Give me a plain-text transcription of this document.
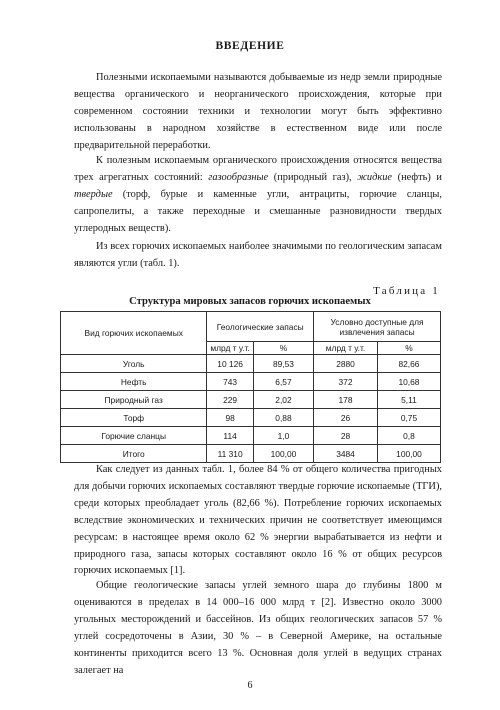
ВВЕДЕНИЕ

Полезными ископаемыми называются добываемые из недр земли природные вещества органического и неорганического происхождения, которые при современном состоянии техники и технологии могут быть эффективно использованы в народном хозяйстве в естественном виде или после предварительной переработки.

К полезным ископаемым органического происхождения относятся вещества трех агрегатных состояний: газообразные (природный газ), жидкие (нефть) и твердые (торф, бурые и каменные угли, антрациты, горючие сланцы, сапропелиты, а также переходные и смешанные разновидности твердых углеродных веществ).

Из всех горючих ископаемых наиболее значимыми по геологическим запасам являются угли (табл. 1).

Таблица 1
Структура мировых запасов горючих ископаемых
Вид горючих ископаемых	Геологические запасы		Условно доступные для извлечения запасы	
	млрд т у.т.	%	млрд т у.т.	%
Уголь	10 126	89,53	2880	82,66
Нефть	743	6,57	372	10,68
Природный газ	229	2,02	178	5,11
Торф	98	0,88	26	0,75
Горючие сланцы	114	1,0	28	0,8
Итого	11 310	100,00	3484	100,00

Как следует из данных табл. 1, более 84 % от общего количества пригодных для добычи горючих ископаемых составляют твердые горючие ископаемые (ТГИ), среди которых преобладает уголь (82,66 %). Потребление горючих ископаемых вследствие экономических и технических причин не соответствует имеющимся ресурсам: в настоящее время около 62 % энергии вырабатывается из нефти и природного газа, запасы которых составляют около 16 % от общих ресурсов горючих ископаемых [1].

Общие геологические запасы углей земного шара до глубины 1800 м оцениваются в пределах в 14 000–16 000 млрд т [2]. Известно около 3000 угольных месторождений и бассейнов. Из общих геологических запасов 57 % углей сосредоточены в Азии, 30 % – в Северной Америке, на остальные континенты приходится всего 13 %. Основная доля углей в ведущих странах залегает на

6
